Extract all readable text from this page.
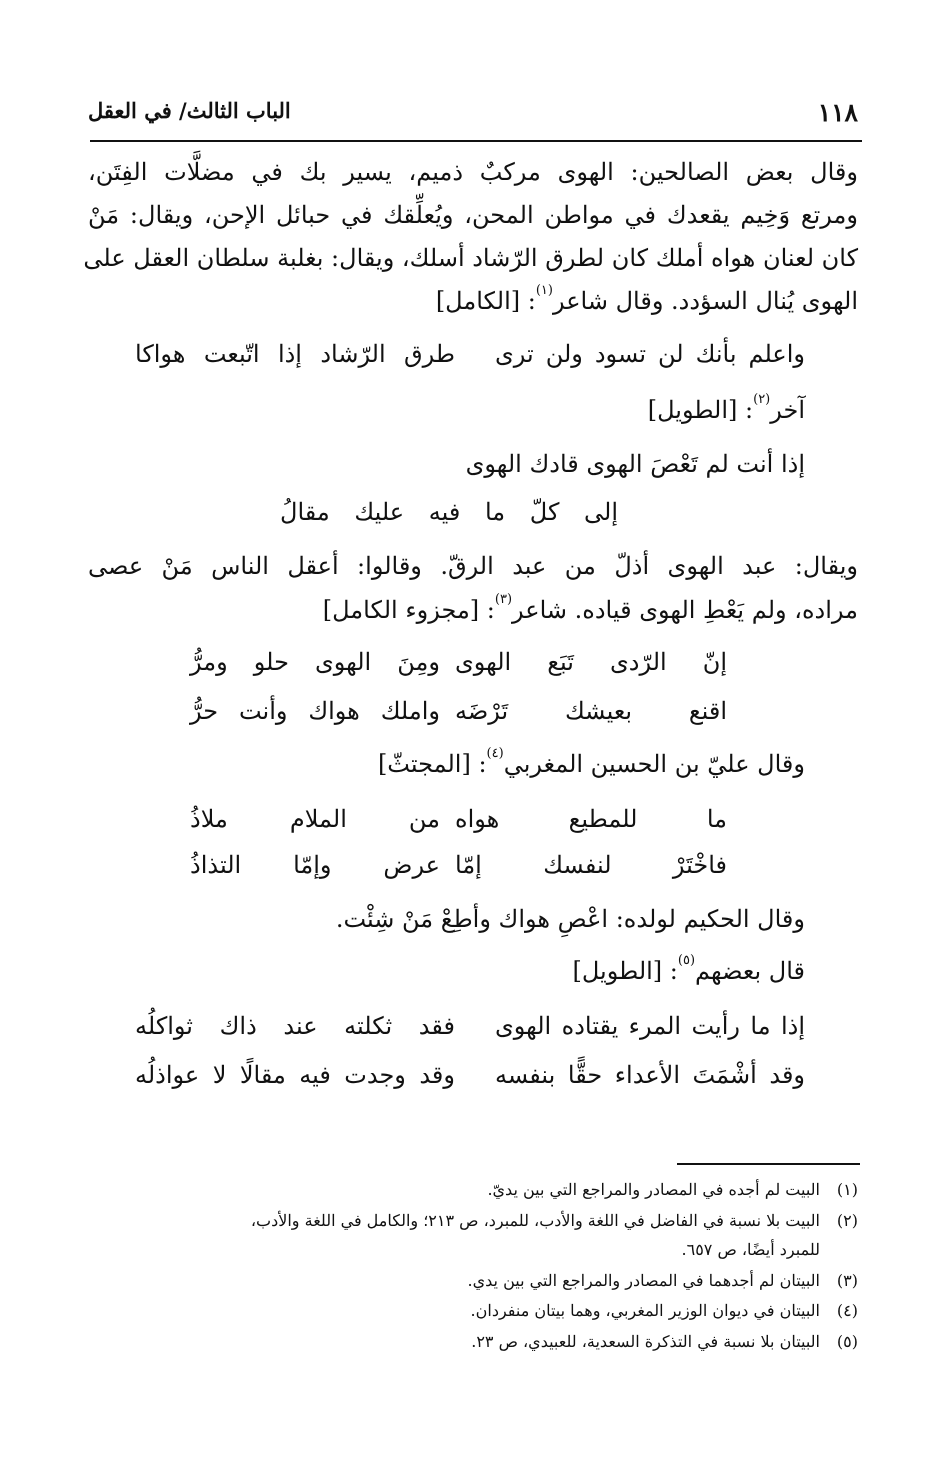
١١٨
الباب الثالث/ في العقل
وقال بعض الصالحين: الهوى مركبٌ ذميم، يسير بك في مضلَّات الفِتَن،
ومرتع وَخِيم يقعدك في مواطن المحن، ويُعلِّقك في حبائل الإحن، ويقال: مَنْ
كان لعنان هواه أملك كان لطرق الرّشاد أسلك، ويقال: بغلبة سلطان العقل على
الهوى يُنال السؤدد. وقال شاعر$^{(١)}$: [الكامل]
واعلم بأنك لن تسود ولن ترى
طرق الرّشاد إذا اتّبعت هواكا
آخر$^{(٢)}$: [الطويل]
إذا أنت لم تَعْصَ الهوى قادك الهوى
إلى كلّ ما فيه عليك مقالُ
ويقال: عبد الهوى أذلّ من عبد الرقّ. وقالوا: أعقل الناس مَنْ عصى
مراده، ولم يَعْطِ الهوى قياده. شاعر$^{(٣)}$: [مجزوء الكامل]
إنّ الرّدى تَبَع الهوى
ومِنَ الهوى حلو ومرُّ
اقنع بعيشك تَرْضَه
واملك هواك وأنت حرُّ
وقال عليّ بن الحسين المغربي$^{(٤)}$: [المجتثّ]
ما للمطيع هواه
من الملام ملاذُ
فاخْتَرْ لنفسك إمّا
عرض وإمّا التذاذُ
وقال الحكيم لولده: اعْصِ هواك وأطِعْ مَنْ شِئْت.
قال بعضهم$^{(٥)}$: [الطويل]
إذا ما رأيت المرء يقتاده الهوى
فقد ثكلته عند ذاك ثواكلُه
وقد أشْمَتَ الأعداء حقًّا بنفسه
وقد وجدت فيه مقالًا لا عواذلُه
(١)البيت لم أجده في المصادر والمراجع التي بين يديّ.
(٢)البيت بلا نسبة في الفاضل في اللغة والأدب، للمبرد، ص ٢١٣؛ والكامل في اللغة والأدب،
للمبرد أيضًا، ص ٦٥٧.
(٣)البيتان لم أجدهما في المصادر والمراجع التي بين يدي.
(٤)البيتان في ديوان الوزير المغربي، وهما بيتان منفردان.
(٥)البيتان بلا نسبة في التذكرة السعدية، للعبيدي، ص ٢٣.
